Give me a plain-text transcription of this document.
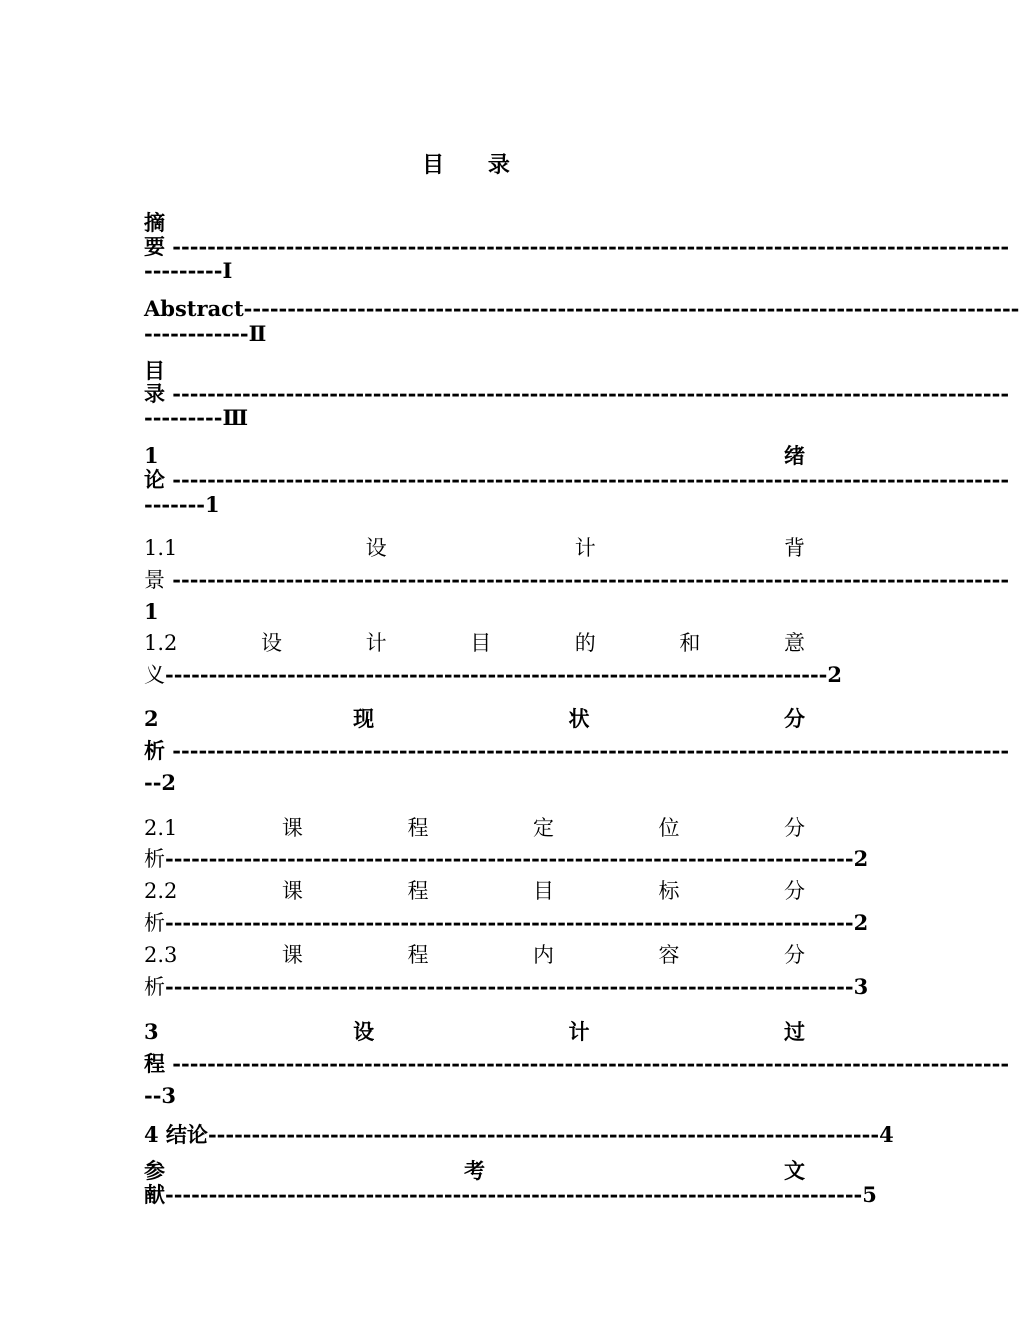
目 录
摘
要 ------------------------------------------------------------------------------------------------
---------Ⅰ
Abstract-----------------------------------------------------------------------------------------
------------Ⅱ
目
录 ------------------------------------------------------------------------------------------------
---------Ⅲ
1	绪
论 ------------------------------------------------------------------------------------------------
-------1
1.1	设	计	背
景 ------------------------------------------------------------------------------------------------
1
1.2	设	计	目	的	和	意
义----------------------------------------------------------------------------2
2	现	状	分
析 ------------------------------------------------------------------------------------------------
--2
2.1	课	程	定	位	分
析-------------------------------------------------------------------------------2
2.2	课	程	目	标	分
析-------------------------------------------------------------------------------2
2.3	课	程	内	容	分
析-------------------------------------------------------------------------------3
3	设	计	过
程 ------------------------------------------------------------------------------------------------
--3
4 结论-----------------------------------------------------------------------------4
参	考	文
献--------------------------------------------------------------------------------5
